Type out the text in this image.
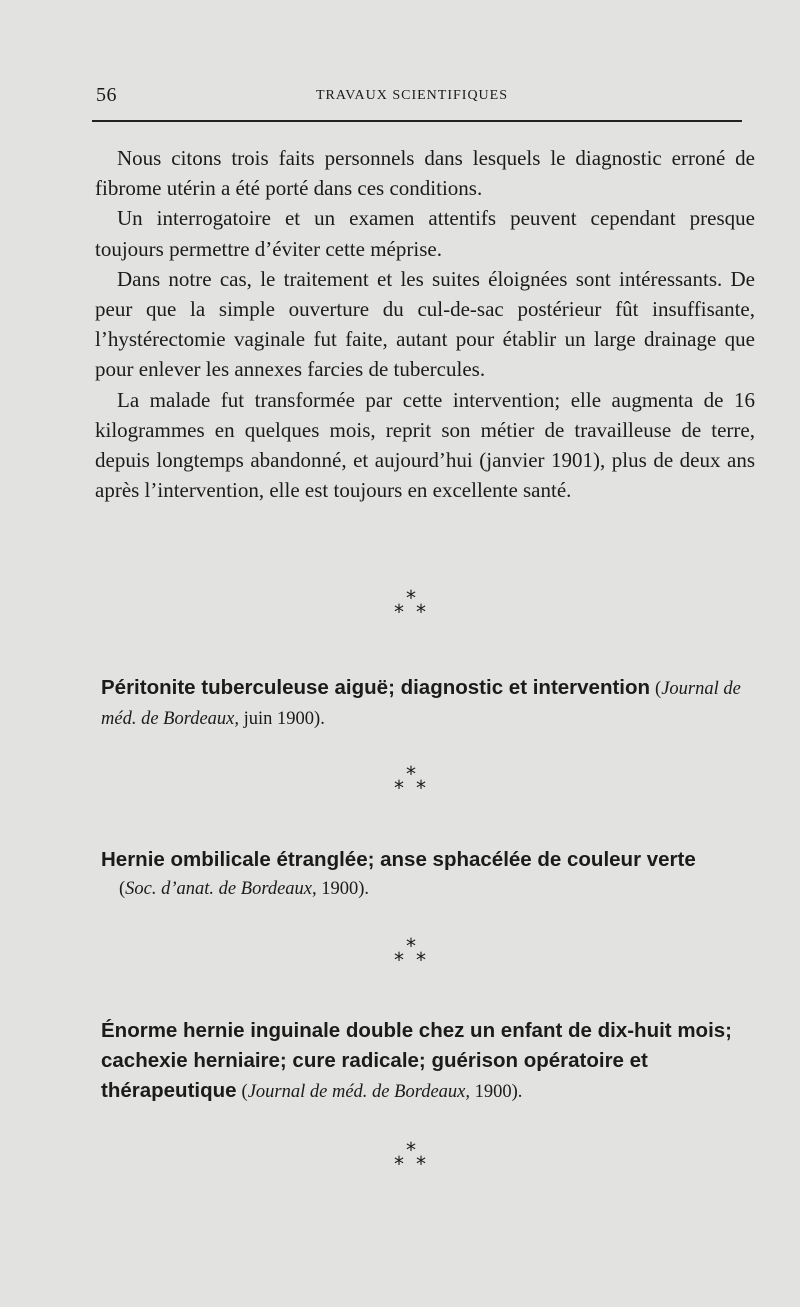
56	TRAVAUX SCIENTIFIQUES

Nous citons trois faits personnels dans lesquels le diagnostic erroné de fibrome utérin a été porté dans ces conditions.

Un interrogatoire et un examen attentifs peuvent cependant presque toujours permettre d’éviter cette méprise.

Dans notre cas, le traitement et les suites éloignées sont intéressants. De peur que la simple ouverture du cul-de-sac postérieur fût insuffisante, l’hystérectomie vaginale fut faite, autant pour établir un large drainage que pour enlever les annexes farcies de tubercules.

La malade fut transformée par cette intervention; elle augmenta de 16 kilogrammes en quelques mois, reprit son métier de travailleuse de terre, depuis longtemps abandonné, et aujourd’hui (janvier 1901), plus de deux ans après l’intervention, elle est toujours en excellente santé.

*
* *
Péritonite tuberculeuse aiguë; diagnostic et intervention (Journal de méd. de Bordeaux, juin 1900).
*
* *
Hernie ombilicale étranglée; anse sphacélée de couleur verte
(Soc. d’anat. de Bordeaux, 1900).
*
* *
Énorme hernie inguinale double chez un enfant de dix-huit mois; cachexie herniaire; cure radicale; guérison opératoire et thérapeutique (Journal de méd. de Bordeaux, 1900).
*
* *
